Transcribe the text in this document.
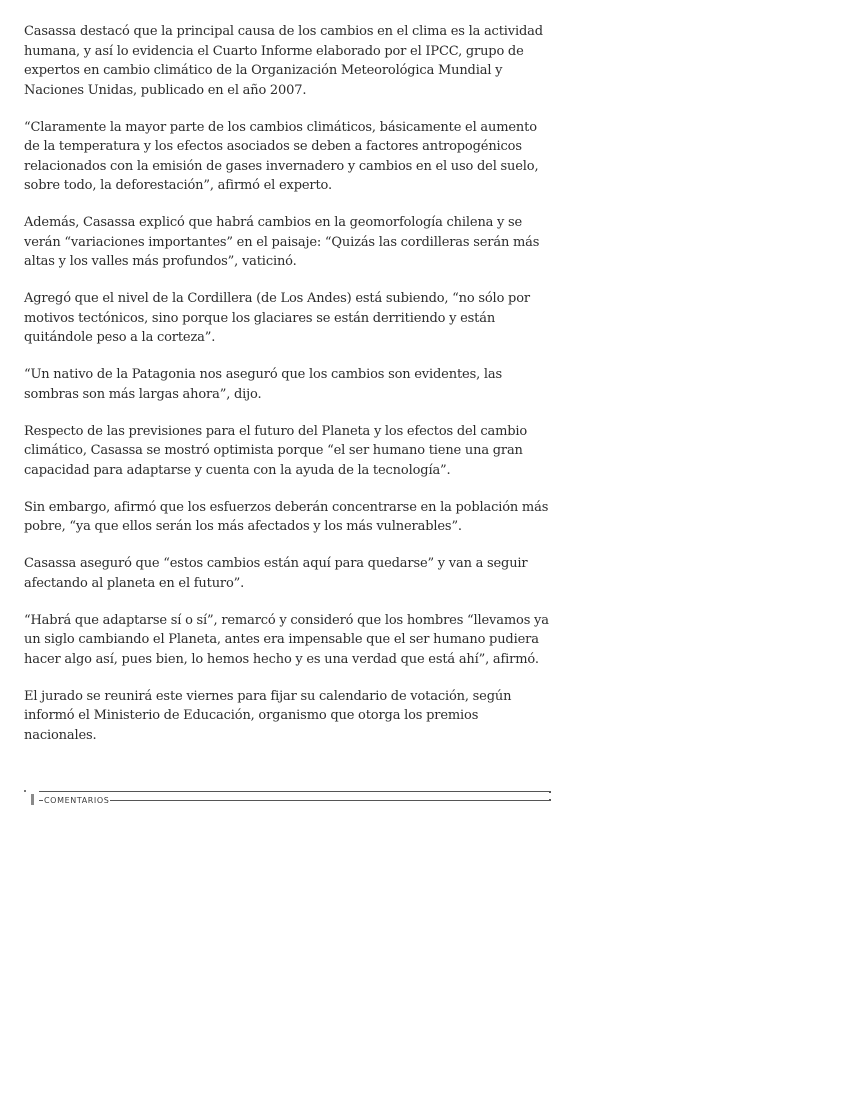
Casassa destacó que la principal causa de los cambios en el clima es la actividad humana, y así lo evidencia el Cuarto Informe elaborado por el IPCC, grupo de expertos en cambio climático de la Organización Meteorológica Mundial y Naciones Unidas, publicado en el año 2007.

“Claramente la mayor parte de los cambios climáticos, básicamente el aumento de la temperatura y los efectos asociados se deben a factores antropogénicos relacionados con la emisión de gases invernadero y cambios en el uso del suelo, sobre todo, la deforestación”, afirmó el experto.

Además, Casassa explicó que habrá cambios en la geomorfología chilena y se verán “variaciones importantes” en el paisaje: “Quizás las cordilleras serán más altas y los valles más profundos”, vaticinó.

Agregó que el nivel de la Cordillera (de Los Andes) está subiendo, “no sólo por motivos tectónicos, sino porque los glaciares se están derritiendo y están quitándole peso a la corteza”.

“Un nativo de la Patagonia nos aseguró que los cambios son evidentes, las sombras son más largas ahora”, dijo.

Respecto de las previsiones para el futuro del Planeta y los efectos del cambio climático, Casassa se mostró optimista porque “el ser humano tiene una gran capacidad para adaptarse y cuenta con la ayuda de la tecnología”.

Sin embargo, afirmó que los esfuerzos deberán concentrarse en la población más pobre, “ya que ellos serán los más afectados y los más vulnerables”.

Casassa aseguró que “estos cambios están aquí para quedarse” y van a seguir afectando al planeta en el futuro”.

“Habrá que adaptarse sí o sí”, remarcó y consideró que los hombres “llevamos ya un siglo cambiando el Planeta, antes era impensable que el ser humano pudiera hacer algo así, pues bien, lo hemos hecho y es una verdad que está ahí”, afirmó.

El jurado se reunirá este viernes para fijar su calendario de votación, según informó el Ministerio de Educación, organismo que otorga los premios nacionales.

COMENTARIOS
